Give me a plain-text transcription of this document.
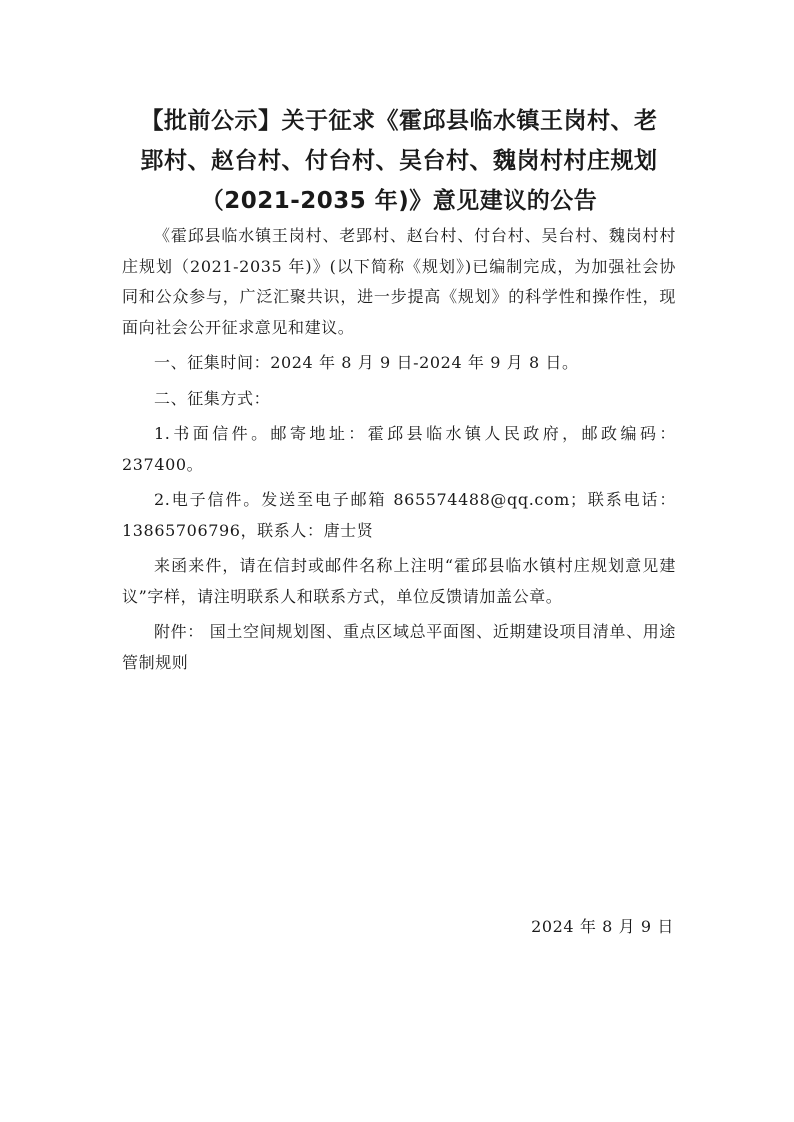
【批前公示】关于征求《霍邱县临水镇王岗村、老
郢村、赵台村、付台村、吴台村、魏岗村村庄规划
（2021-2035 年)》意见建议的公告

《霍邱县临水镇王岗村、老郢村、赵台村、付台村、吴台村、魏岗村村庄规划（2021-2035 年)》(以下简称《规划》)已编制完成，为加强社会协同和公众参与，广泛汇聚共识，进一步提高《规划》的科学性和操作性，现面向社会公开征求意见和建议。

一、征集时间：2024 年 8 月 9 日-2024 年 9 月 8 日。

二、征集方式：

1.书面信件。邮寄地址：霍邱县临水镇人民政府，邮政编码：237400。

2.电子信件。发送至电子邮箱 865574488@qq.com；联系电话：13865706796，联系人：唐士贤

来函来件，请在信封或邮件名称上注明“霍邱县临水镇村庄规划意见建议”字样，请注明联系人和联系方式，单位反馈请加盖公章。

附件： 国土空间规划图、重点区域总平面图、近期建设项目清单、用途管制规则

2024 年 8 月 9 日
